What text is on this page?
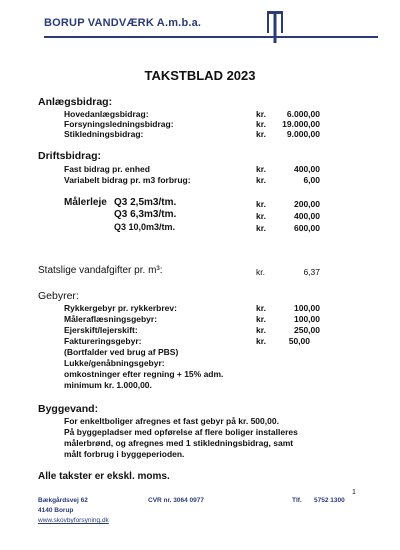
BORUP VANDVÆRK A.m.b.a.
TAKSTBLAD 2023
Anlægsbidrag:
Hovedanlægsbidrag:	kr.	6.000,00
Forsyningsledningsbidrag:	kr.	19.000,00
Stikledningsbidrag:	kr.	9.000,00
Driftsbidrag:
Fast bidrag pr. enhed	kr.	400,00
Variabelt bidrag pr. m3 forbrug:	kr.	6,00
Målerleje Q3 2,5m3/tm.	kr.	200,00
Q3 6,3m3/tm.	kr.	400,00
Q3 10,0m3/tm.	kr.	600,00
Statslige vandafgifter pr. m³:	kr.	6,37
Gebyrer:
Rykkergebyr pr. rykkerbrev:	kr.	100,00
Måleraflæsningsgebyr:	kr.	100,00
Ejerskift/lejerskift:	kr.	250,00
Faktureringsgebyr:	kr.	50,00
(Bortfalder ved brug af PBS)
Lukke/genåbningsgebyr:
omkostninger efter regning + 15% adm.
minimum kr. 1.000,00.
Byggevand:
For enkeltboliger afregnes et fast gebyr på kr. 500,00.
På byggepladser med opførelse af flere boliger installeres
målerbrønd, og afregnes med 1 stikledningsbidrag, samt
målt forbrug i byggeperioden.
Alle takster er ekskl. moms.
1
Bækgårdsvej 62
4140 Borup
www.skovbyforsyning.dk
CVR nr. 3064 0977	Tlf. 5752 1300
